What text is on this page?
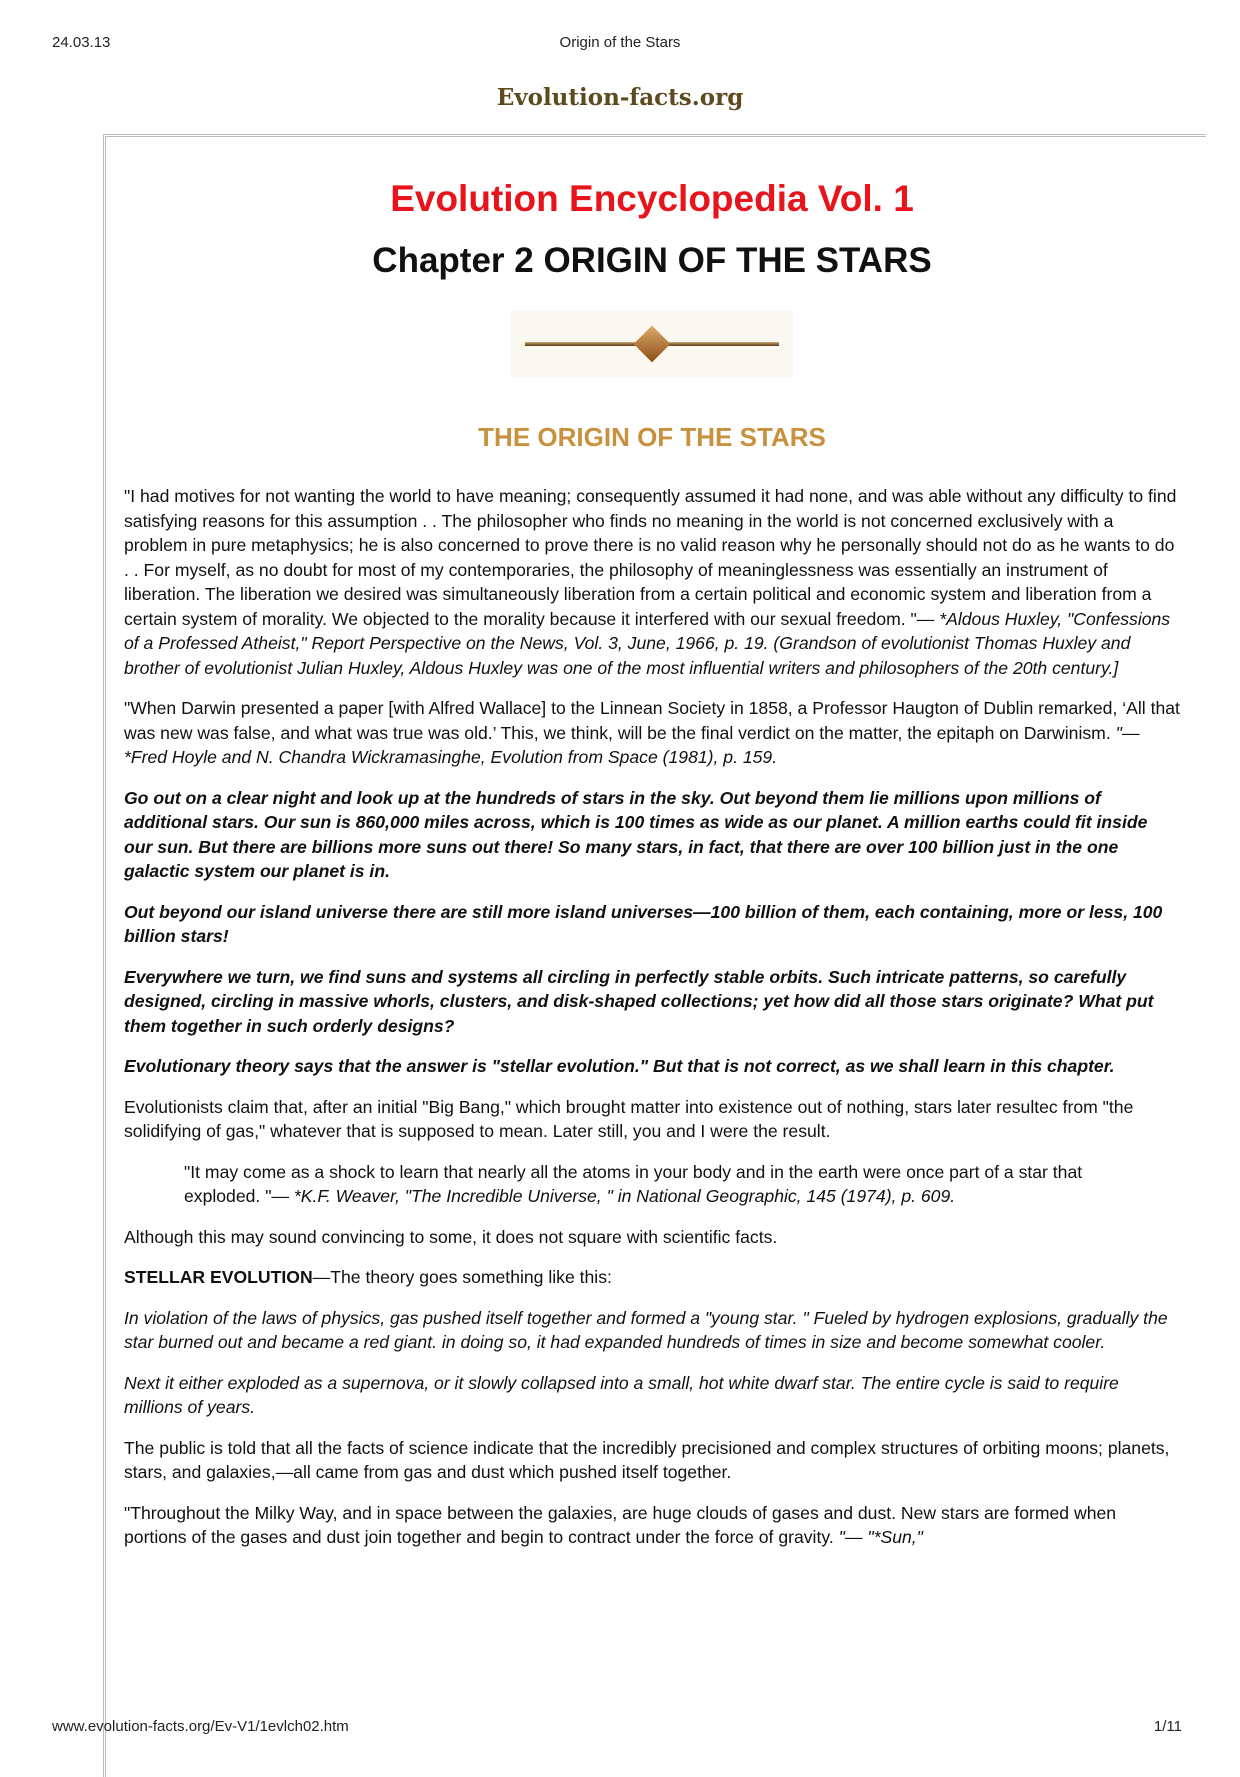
24.03.13	Origin of the Stars
Evolution-facts.org
Evolution Encyclopedia Vol. 1
Chapter 2 ORIGIN OF THE STARS
THE ORIGIN OF THE STARS

"I had motives for not wanting the world to have meaning; consequently assumed it had none, and was able without any difficulty to find satisfying reasons for this assumption . . The philosopher who finds no meaning in the world is not concerned exclusively with a problem in pure metaphysics; he is also concerned to prove there is no valid reason why he personally should not do as he wants to do . . For myself, as no doubt for most of my contemporaries, the philosophy of meaninglessness was essentially an instrument of liberation. The liberation we desired was simultaneously liberation from a certain political and economic system and liberation from a certain system of morality. We objected to the morality because it interfered with our sexual freedom. "— *Aldous Huxley, "Confessions of a Professed Atheist," Report Perspective on the News, Vol. 3, June, 1966, p. 19. (Grandson of evolutionist Thomas Huxley and brother of evolutionist Julian Huxley, Aldous Huxley was one of the most influential writers and philosophers of the 20th century.]

"When Darwin presented a paper [with Alfred Wallace] to the Linnean Society in 1858, a Professor Haugton of Dublin remarked, ‘All that was new was false, and what was true was old.’ This, we think, will be the final verdict on the matter, the epitaph on Darwinism. "—*Fred Hoyle and N. Chandra Wickramasinghe, Evolution from Space (1981), p. 159.

Go out on a clear night and look up at the hundreds of stars in the sky. Out beyond them lie millions upon millions of additional stars. Our sun is 860,000 miles across, which is 100 times as wide as our planet. A million earths could fit inside our sun. But there are billions more suns out there! So many stars, in fact, that there are over 100 billion just in the one galactic system our planet is in.

Out beyond our island universe there are still more island universes—100 billion of them, each containing, more or less, 100 billion stars!

Everywhere we turn, we find suns and systems all circling in perfectly stable orbits. Such intricate patterns, so carefully designed, circling in massive whorls, clusters, and disk-shaped collections; yet how did all those stars originate? What put them together in such orderly designs?

Evolutionary theory says that the answer is "stellar evolution." But that is not correct, as we shall learn in this chapter.

Evolutionists claim that, after an initial "Big Bang," which brought matter into existence out of nothing, stars later resultec from "the solidifying of gas," whatever that is supposed to mean. Later still, you and I were the result.

"It may come as a shock to learn that nearly all the atoms in your body and in the earth were once part of a star that exploded. "— *K.F. Weaver, "The Incredible Universe, " in National Geographic, 145 (1974), p. 609.

Although this may sound convincing to some, it does not square with scientific facts.

STELLAR EVOLUTION—The theory goes something like this:

In violation of the laws of physics, gas pushed itself together and formed a "young star. " Fueled by hydrogen explosions, gradually the star burned out and became a red giant. in doing so, it had expanded hundreds of times in size and become somewhat cooler.

Next it either exploded as a supernova, or it slowly collapsed into a small, hot white dwarf star. The entire cycle is said to require millions of years.

The public is told that all the facts of science indicate that the incredibly precisioned and complex structures of orbiting moons; planets, stars, and galaxies,—all came from gas and dust which pushed itself together.

"Throughout the Milky Way, and in space between the galaxies, are huge clouds of gases and dust. New stars are formed when portions of the gases and dust join together and begin to contract under the force of gravity. "— "*Sun,"

www.evolution-facts.org/Ev-V1/1evlch02.htm	1/11
